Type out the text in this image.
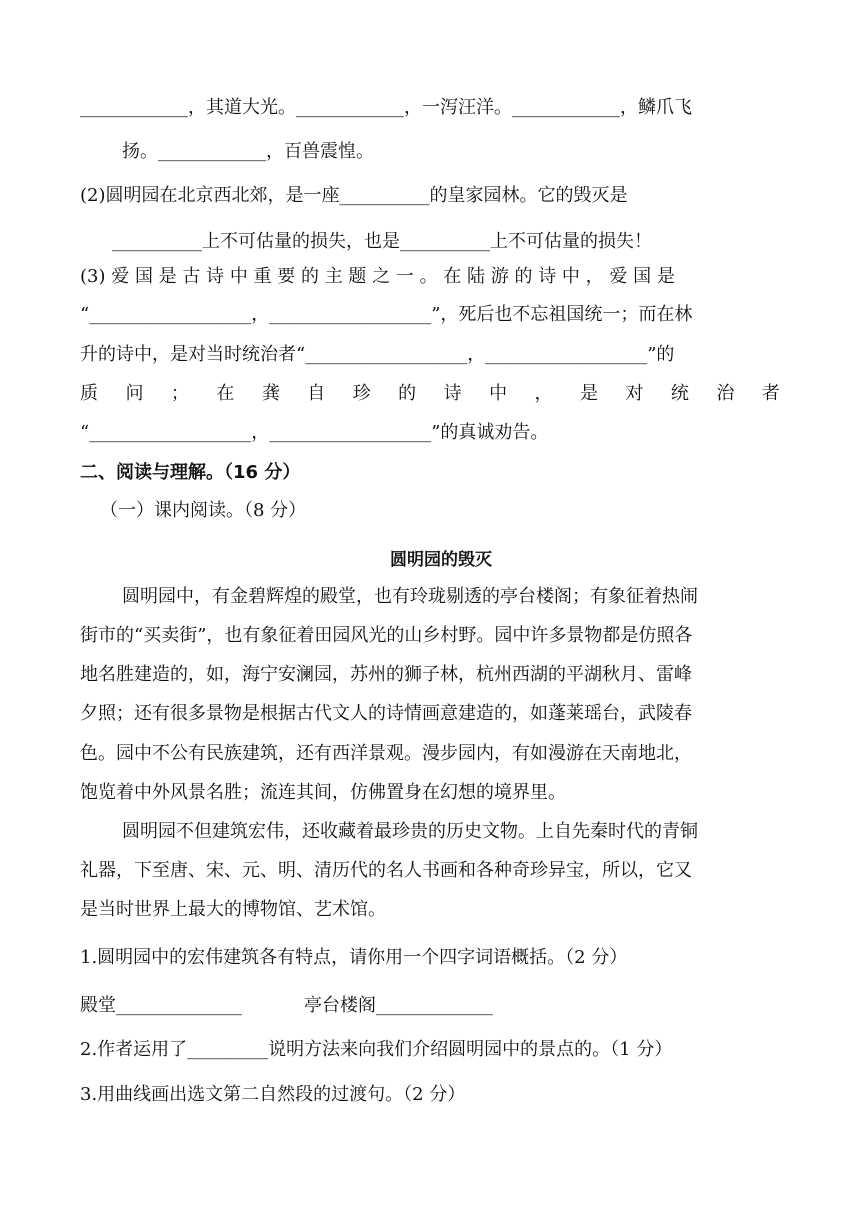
____________，其道大光。____________，一泻汪洋。____________，鳞爪飞
扬。____________，百兽震惶。
(2)圆明园在北京西北郊，是一座__________的皇家园林。它的毁灭是
__________上不可估量的损失，也是__________上不可估量的损失！
(3) 爱 国 是 古 诗 中 重 要 的 主 题 之 一 。 在 陆 游 的 诗 中 ， 爱 国 是
“__________________，__________________”，死后也不忘祖国统一；而在林
升的诗中，是对当时统治者“__________________，__________________”的
质 问 ； 在 龚 自 珍 的 诗 中 ， 是 对 统 治 者
“__________________，__________________”的真诚劝告。
二、阅读与理解。（16 分）
（一）课内阅读。（8 分）
圆明园的毁灭
圆明园中，有金碧辉煌的殿堂，也有玲珑剔透的亭台楼阁；有象征着热闹
街市的“买卖街”，也有象征着田园风光的山乡村野。园中许多景物都是仿照各
地名胜建造的，如，海宁安澜园，苏州的狮子林，杭州西湖的平湖秋月、雷峰
夕照；还有很多景物是根据古代文人的诗情画意建造的，如蓬莱瑶台，武陵春
色。园中不公有民族建筑，还有西洋景观。漫步园内，有如漫游在天南地北，
饱览着中外风景名胜；流连其间，仿佛置身在幻想的境界里。
圆明园不但建筑宏伟，还收藏着最珍贵的历史文物。上自先秦时代的青铜
礼器，下至唐、宋、元、明、清历代的名人书画和各种奇珍异宝，所以，它又
是当时世界上最大的博物馆、艺术馆。
1.圆明园中的宏伟建筑各有特点，请你用一个四字词语概括。（2 分）
殿堂______________	亭台楼阁_____________
2.作者运用了_________说明方法来向我们介绍圆明园中的景点的。（1 分）
3.用曲线画出选文第二自然段的过渡句。（2 分）
